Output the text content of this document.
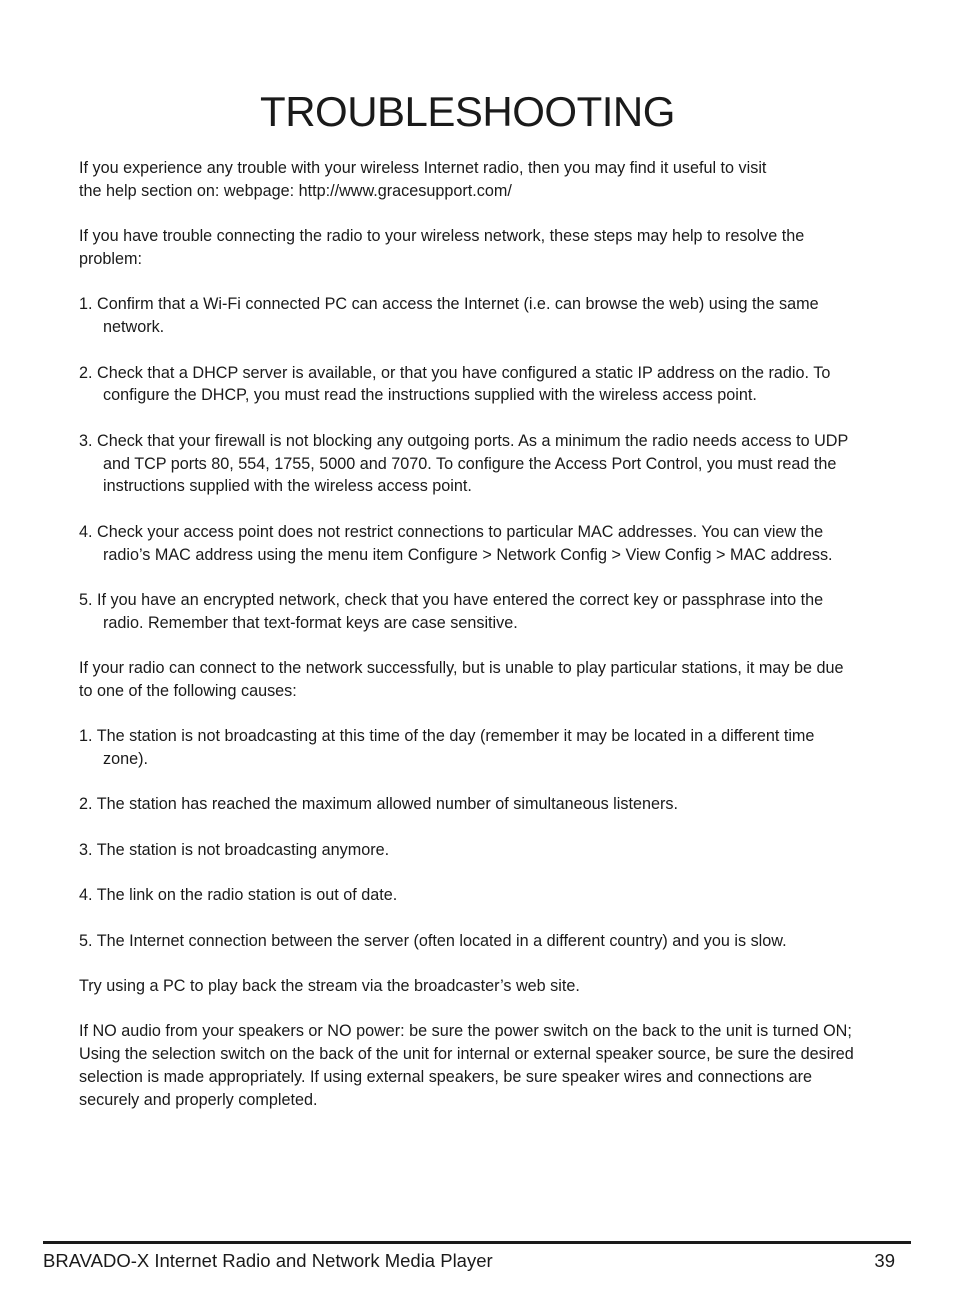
TROUBLESHOOTING

If you experience any trouble with your wireless Internet radio, then you may find it useful to visit
the help section on: webpage: http://www.gracesupport.com/

If you have trouble connecting the radio to your wireless network, these steps may help to resolve the problem:

1. Confirm that a Wi-Fi connected PC can access the Internet (i.e. can browse the web) using the same network.

2. Check that a DHCP server is available, or that you have configured a static IP address on the radio. To configure the DHCP, you must read the instructions supplied with the wireless access point.

3. Check that your firewall is not blocking any outgoing ports. As a minimum the radio needs access to UDP and TCP ports 80, 554, 1755, 5000 and 7070. To configure the Access Port Control, you must read the instructions supplied with the wireless access point.

4. Check your access point does not restrict connections to particular MAC addresses. You can view the radio’s MAC address using the menu item Configure > Network Config > View Config > MAC address.

5. If you have an encrypted network, check that you have entered the correct key or passphrase into the radio. Remember that text-format keys are case sensitive.

If your radio can connect to the network successfully, but is unable to play particular stations, it may be due to one of the following causes:

1. The station is not broadcasting at this time of the day (remember it may be located in a different time zone).

2. The station has reached the maximum allowed number of simultaneous listeners.

3. The station is not broadcasting anymore.

4. The link on the radio station is out of date.

5. The Internet connection between the server (often located in a different country) and you is slow.

Try using a PC to play back the stream via the broadcaster’s web site.

If NO audio from your speakers or NO power: be sure the power switch on the back to the unit is turned ON; Using the selection switch on the back of the unit for internal or external speaker source, be sure the desired selection is made appropriately. If using external speakers, be sure speaker wires and connections are securely and properly completed.

BRAVADO-X Internet Radio and Network Media Player	39
